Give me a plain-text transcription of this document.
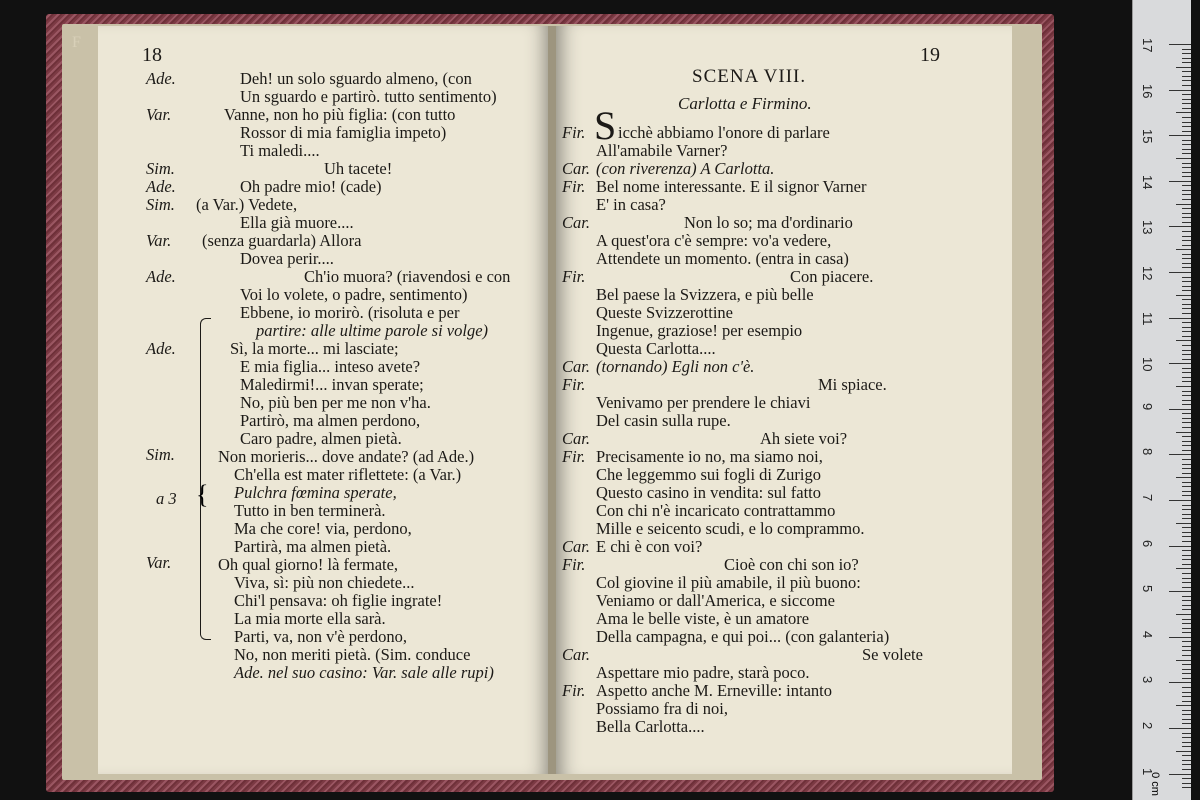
F
18
Ade.
Var.
Sim.
Ade.
Sim.
Var.
Ade.
Ade.
Sim.
a 3
Var.
Deh! un solo sguardo almeno, (con
Un sguardo e partirò. tutto sentimento)
Vanne, non ho più figlia: (con tutto
Rossor di mia famiglia impeto)
Ti maledi....
Uh tacete!
Oh padre mio! (cade)
(a Var.) Vedete,
Ella già muore....
(senza guardarla) Allora
Dovea perir....
Ch'io muora? (riavendosi e con
Voi lo volete, o padre, sentimento)
Ebbene, io morirò. (risoluta e per
partire: alle ultime parole si volge)
Sì, la morte... mi lasciate;
E mia figlia... inteso avete?
Maledirmi!... invan sperate;
No, più ben per me non v'ha.
Partirò, ma almen perdono,
Caro padre, almen pietà.
Non morieris... dove andate? (ad Ade.)
Ch'ella est mater riflettete: (a Var.)
Pulchra fœmina sperate,
Tutto in ben terminerà.
Ma che core! via, perdono,
Partirà, ma almen pietà.
Oh qual giorno! là fermate,
Viva, sì: più non chiedete...
Chi'l pensava: oh figlie ingrate!
La mia morte ella sarà.
Parti, va, non v'è perdono,
No, non meriti pietà. (Sim. conduce
Ade. nel suo casino: Var. sale alle rupi)
{
19
SCENA VIII.
Carlotta e Firmino.
Fir.
Car.
Fir.
Car.
Fir.
Car.
Fir.
Car.
Fir.
Car.
Fir.
Car.
Fir.
S icchè abbiamo l'onore di parlare
All'amabile Varner?
(con riverenza) A Carlotta.
Bel nome interessante. E il signor Varner
E' in casa?
Non lo so; ma d'ordinario
A quest'ora c'è sempre: vo'a vedere,
Attendete un momento. (entra in casa)
Con piacere.
Bel paese la Svizzera, e più belle
Queste Svizzerottine
Ingenue, graziose! per esempio
Questa Carlotta....
(tornando) Egli non c'è.
Mi spiace.
Venivamo per prendere le chiavi
Del casin sulla rupe.
Ah siete voi?
Precisamente io no, ma siamo noi,
Che leggemmo sui fogli di Zurigo
Questo casino in vendita: sul fatto
Con chi n'è incaricato contrattammo
Mille e seicento scudi, e lo comprammo.
E chi è con voi?
Cioè con chi son io?
Col giovine il più amabile, il più buono:
Veniamo or dall'America, e siccome
Ama le belle viste, è un amatore
Della campagna, e qui poi... (con galanteria)
Se volete
Aspettare mio padre, starà poco.
Aspetto anche M. Erneville: intanto
Possiamo fra di noi,
Bella Carlotta....
0 cm
17
16
15
14
13
12
11
10
9
8
7
6
5
4
3
2
1
